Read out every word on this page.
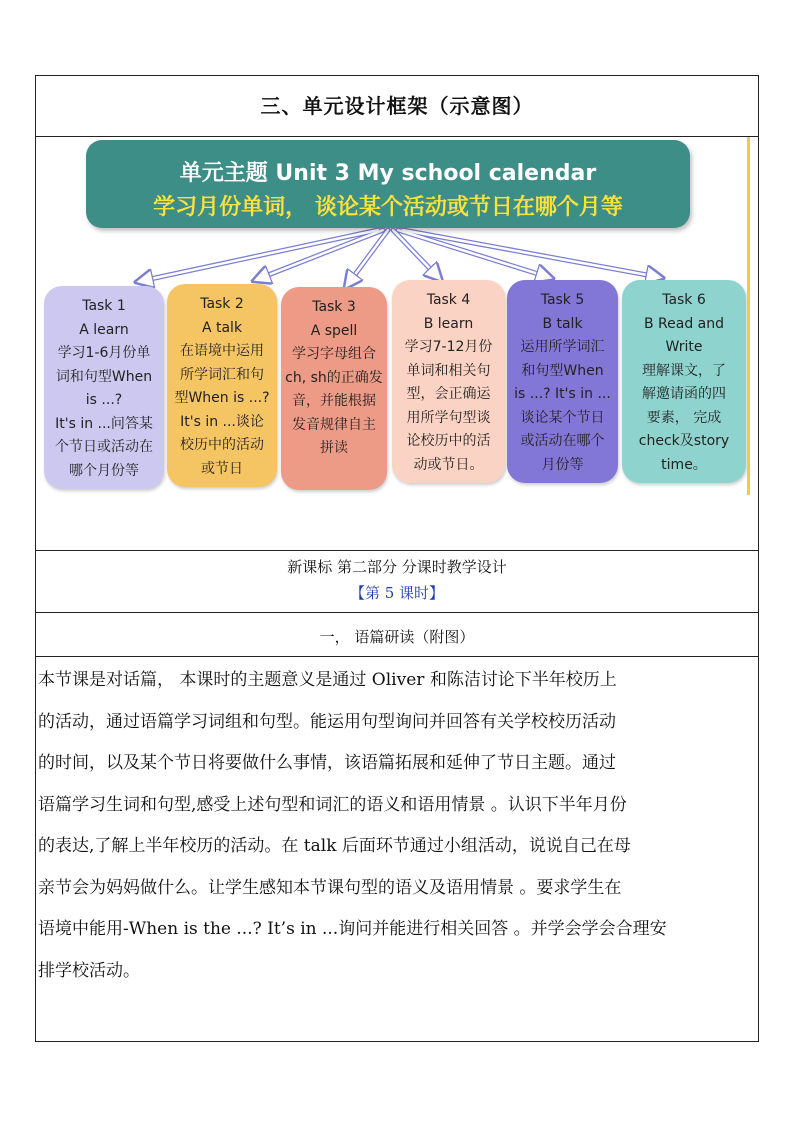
三、单元设计框架（示意图）
单元主题 Unit 3 My school calendar
学习月份单词， 谈论某个活动或节日在哪个月等
Task 1
A learn
学习1-6月份单
词和句型When
is ...?
It's in ...问答某
个节日或活动在
哪个月份等
Task 2
A talk
在语境中运用
所学词汇和句
型When is ...?
It's in ...谈论
校历中的活动
或节日
Task 3
A spell
学习字母组合
ch, sh的正确发
音，并能根据
发音规律自主
拼读
Task 4
B learn
学习7-12月份
单词和相关句
型，会正确运
用所学句型谈
论校历中的活
动或节日。
Task 5
B talk
运用所学词汇
和句型When
is ...? It's in ...
谈论某个节日
或活动在哪个
月份等
Task 6
B Read and
Write
理解课文，了
解邀请函的四
要素， 完成
check及story
time。
新课标 第二部分 分课时教学设计
【第 5 课时】
一， 语篇研读（附图）
本节课是对话篇， 本课时的主题意义是通过 Oliver 和陈洁讨论下半年校历上
的活动，通过语篇学习词组和句型。能运用句型询问并回答有关学校校历活动
的时间，以及某个节日将要做什么事情，该语篇拓展和延伸了节日主题。通过
语篇学习生词和句型,感受上述句型和词汇的语义和语用情景 。认识下半年月份
的表达,了解上半年校历的活动。在 talk 后面环节通过小组活动，说说自己在母
亲节会为妈妈做什么。让学生感知本节课句型的语义及语用情景 。要求学生在
语境中能用-When is the ...? It’s in ...询问并能进行相关回答 。并学会学会合理安
排学校活动。
